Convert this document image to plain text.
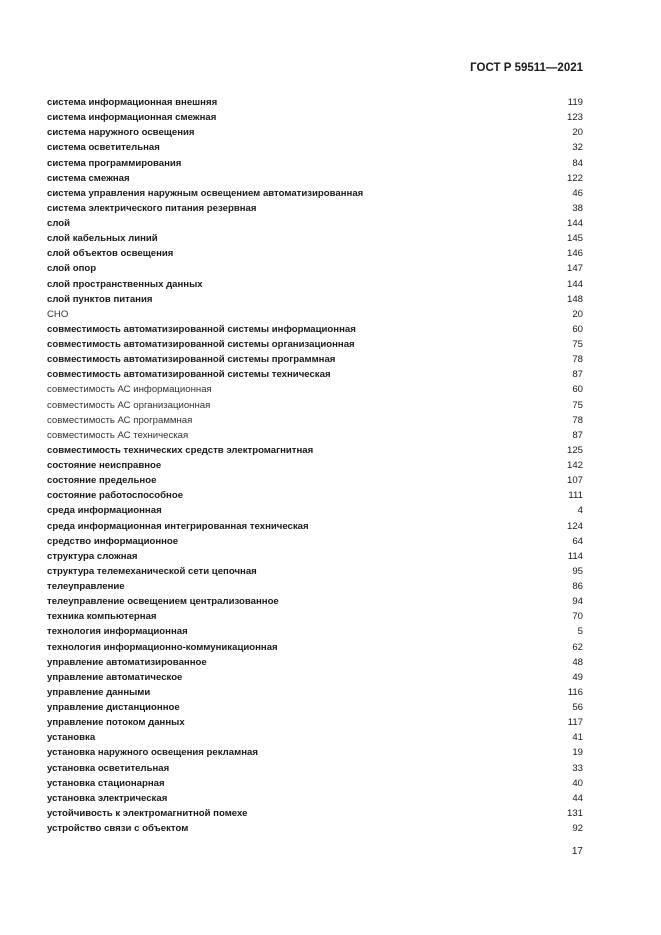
ГОСТ Р 59511—2021
система информационная внешняя	119
система информационная смежная	123
система наружного освещения	20
система осветительная	32
система программирования	84
система смежная	122
система управления наружным освещением автоматизированная	46
система электрического питания резервная	38
слой	144
слой кабельных линий	145
слой объектов освещения	146
слой опор	147
слой пространственных данных	144
слой пунктов питания	148
СНО	20
совместимость автоматизированной системы информационная	60
совместимость автоматизированной системы организационная	75
совместимость автоматизированной системы программная	78
совместимость автоматизированной системы техническая	87
совместимость АС информационная	60
совместимость АС организационная	75
совместимость АС программная	78
совместимость АС техническая	87
совместимость технических средств электромагнитная	125
состояние неисправное	142
состояние предельное	107
состояние работоспособное	111
среда информационная	4
среда информационная интегрированная техническая	124
средство информационное	64
структура сложная	114
структура телемеханической сети цепочная	95
телеуправление	86
телеуправление освещением централизованное	94
техника компьютерная	70
технология информационная	5
технология информационно-коммуникационная	62
управление автоматизированное	48
управление автоматическое	49
управление данными	116
управление дистанционное	56
управление потоком данных	117
установка	41
установка наружного освещения рекламная	19
установка осветительная	33
установка стационарная	40
установка электрическая	44
устойчивость к электромагнитной помехе	131
устройство связи с объектом	92
17
